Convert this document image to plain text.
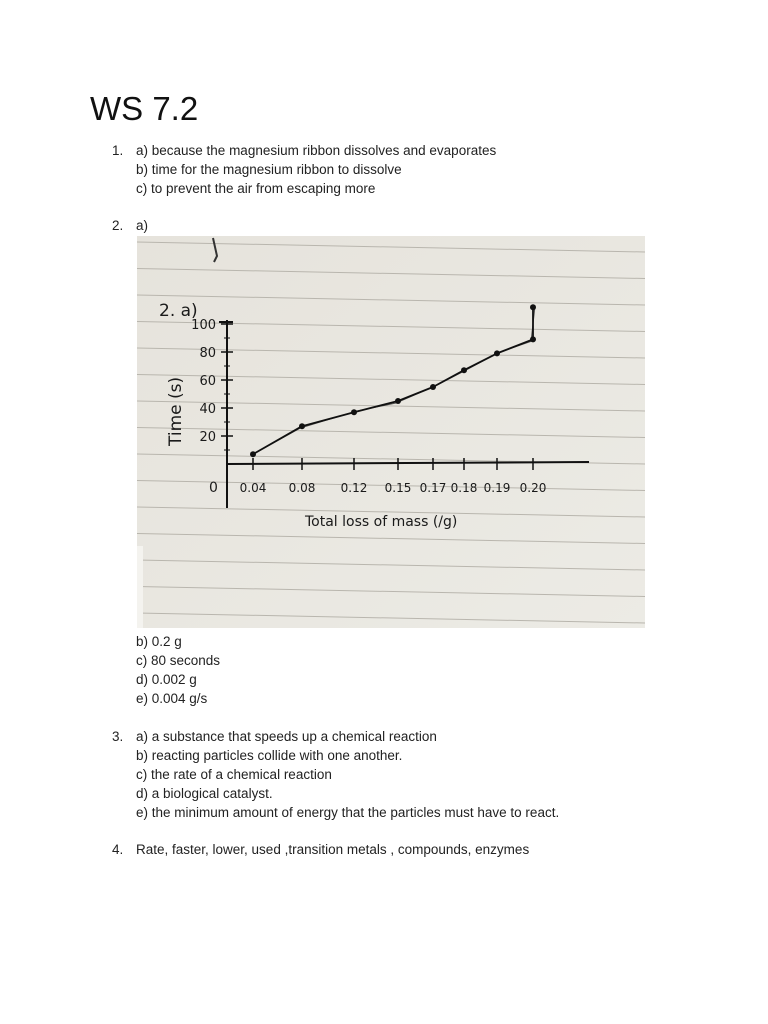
WS 7.2
1. a) because the magnesium ribbon dissolves and evaporates
b) time for the magnesium ribbon to dissolve
c) to prevent the air from escaping more
2. a)
2. a)
Time (s)
Total loss of mass (/g)
0 0.04 0.08 0.12 0.15 0.17 0.18 0.19 0.20
20
40
60
80
100
b) 0.2 g
c) 80 seconds
d) 0.002 g
e) 0.004 g/s
3. a) a substance that speeds up a chemical reaction
b) reacting particles collide with one another.
c) the rate of a chemical reaction
d) a biological catalyst.
e) the minimum amount of energy that the particles must have to react.
4. Rate, faster, lower, used ,transition metals , compounds, enzymes
